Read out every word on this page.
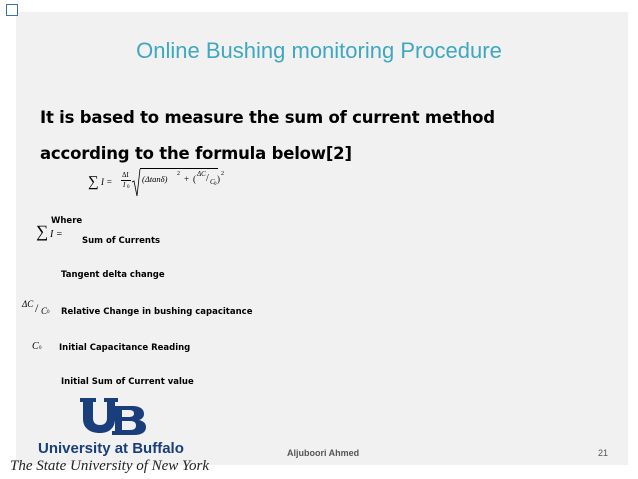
Online Bushing monitoring Procedure
It is based to measure the sum of current method
according to the formula below[2]
∑ I =
ΔI
I 0
(Δtanδ) 2 + ( ΔC / C 0
) 2
∑ I =
Where
Sum of Currents
Tangent delta change
ΔC / C 0 Relative Change in bushing capacitance
C 0 Initial Capacitance Reading
Initial Sum of Current value
University at Buffalo
The State University of New York
Aljuboori Ahmed	21
